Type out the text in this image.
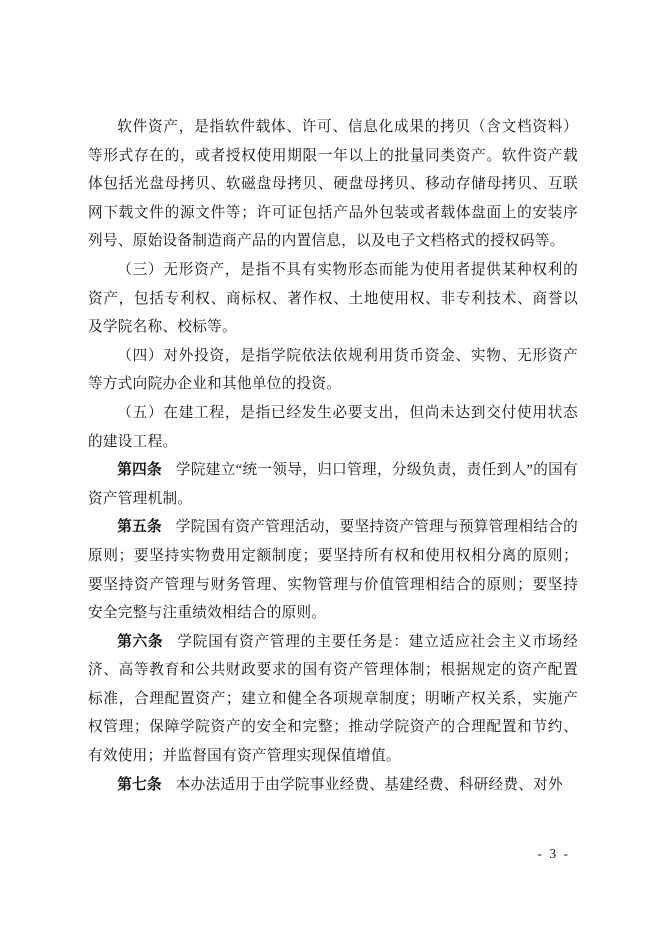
软件资产，是指软件载体、许可、信息化成果的拷贝（含文档资料）等形式存在的，或者授权使用期限一年以上的批量同类资产。软件资产载体包括光盘母拷贝、软磁盘母拷贝、硬盘母拷贝、移动存储母拷贝、互联网下载文件的源文件等；许可证包括产品外包装或者载体盘面上的安装序列号、原始设备制造商产品的内置信息，以及电子文档格式的授权码等。

（三）无形资产，是指不具有实物形态而能为使用者提供某种权利的资产，包括专利权、商标权、著作权、土地使用权、非专利技术、商誉以及学院名称、校标等。

（四）对外投资，是指学院依法依规利用货币资金、实物、无形资产等方式向院办企业和其他单位的投资。

（五）在建工程，是指已经发生必要支出，但尚未达到交付使用状态的建设工程。

第四条 学院建立“统一领导，归口管理，分级负责，责任到人”的国有资产管理机制。

第五条 学院国有资产管理活动，要坚持资产管理与预算管理相结合的原则；要坚持实物费用定额制度；要坚持所有权和使用权相分离的原则；要坚持资产管理与财务管理、实物管理与价值管理相结合的原则；要坚持安全完整与注重绩效相结合的原则。

第六条 学院国有资产管理的主要任务是：建立适应社会主义市场经济、高等教育和公共财政要求的国有资产管理体制；根据规定的资产配置标准，合理配置资产；建立和健全各项规章制度；明晰产权关系，实施产权管理；保障学院资产的安全和完整；推动学院资产的合理配置和节约、有效使用；并监督国有资产管理实现保值增值。

第七条 本办法适用于由学院事业经费、基建经费、科研经费、对外

- 3 -
